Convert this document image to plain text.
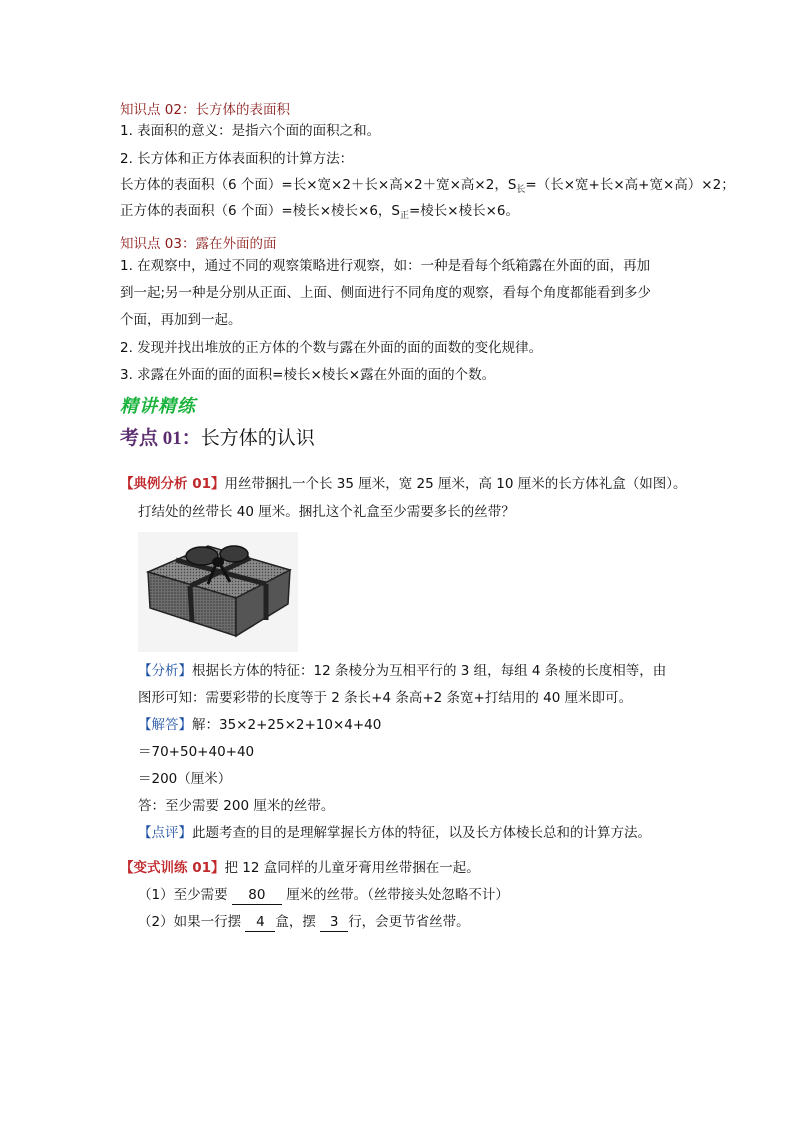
知识点 02：长方体的表面积
1. 表面积的意义：是指六个面的面积之和。
2. 长方体和正方体表面积的计算方法：
长方体的表面积（6 个面）=长×宽×2＋长×高×2＋宽×高×2，$S_长=$（长×宽+长×高+宽×高）×2；
正方体的表面积（6 个面）=棱长×棱长×6，$S_正=$棱长×棱长×6。
知识点 03：露在外面的面
1. 在观察中，通过不同的观察策略进行观察，如：一种是看每个纸箱露在外面的面，再加
到一起;另一种是分别从正面、上面、侧面进行不同角度的观察，看每个角度都能看到多少
个面，再加到一起。
2. 发现并找出堆放的正方体的个数与露在外面的面的面数的变化规律。
3. 求露在外面的面的面积=棱长×棱长×露在外面的面的个数。
精讲精练
考点 01：长方体的认识
【典例分析 01】用丝带捆扎一个长 35 厘米，宽 25 厘米，高 10 厘米的长方体礼盒（如图）。
打结处的丝带长 40 厘米。捆扎这个礼盒至少需要多长的丝带？
【分析】根据长方体的特征：12 条棱分为互相平行的 3 组，每组 4 条棱的长度相等，由
图形可知：需要彩带的长度等于 2 条长+4 条高+2 条宽+打结用的 40 厘米即可。
【解答】解：35×2+25×2+10×4+40
＝70+50+40+40
＝200（厘米）
答：至少需要 200 厘米的丝带。
【点评】此题考查的目的是理解掌握长方体的特征，以及长方体棱长总和的计算方法。
【变式训练 01】把 12 盒同样的儿童牙膏用丝带捆在一起。
（1）至少需要 80 厘米的丝带。（丝带接头处忽略不计）
（2）如果一行摆 4 盒，摆 3 行，会更节省丝带。
